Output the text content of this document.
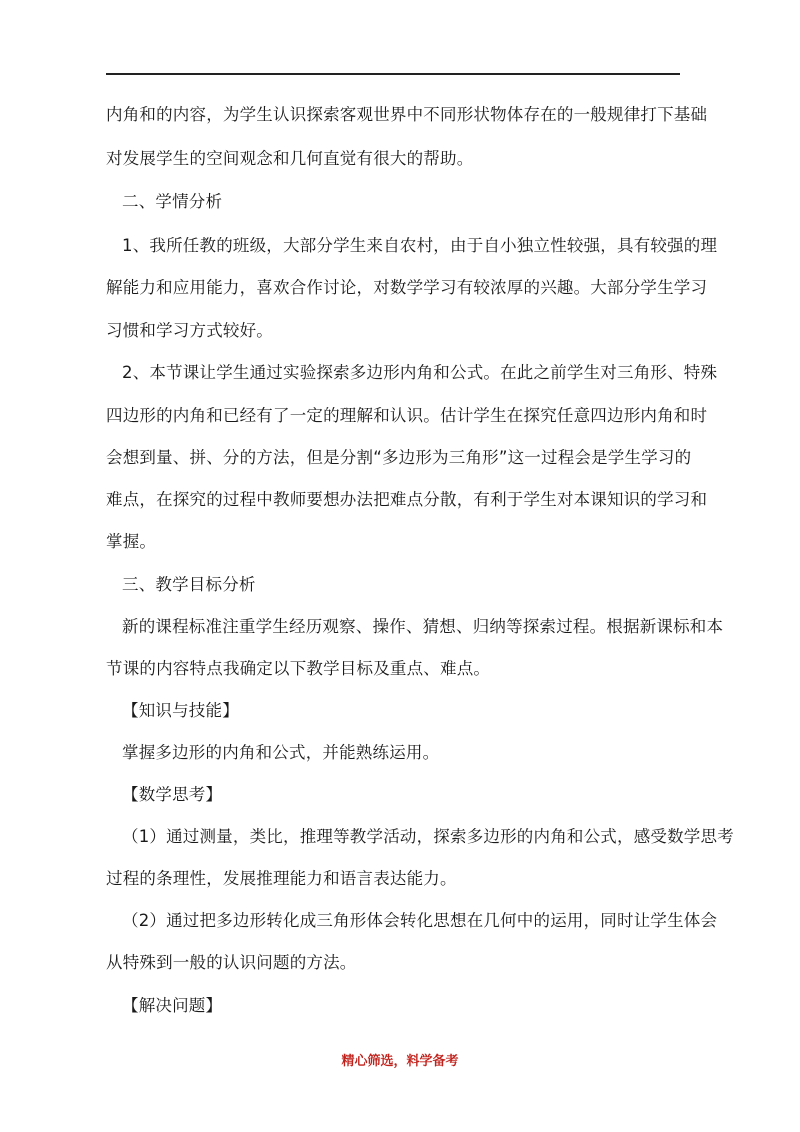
内角和的内容，为学生认识探索客观世界中不同形状物体存在的一般规律打下基础
对发展学生的空间观念和几何直觉有很大的帮助。
二、学情分析
1、我所任教的班级，大部分学生来自农村，由于自小独立性较强，具有较强的理
解能力和应用能力，喜欢合作讨论，对数学学习有较浓厚的兴趣。大部分学生学习
习惯和学习方式较好。
2、本节课让学生通过实验探索多边形内角和公式。在此之前学生对三角形、特殊
四边形的内角和已经有了一定的理解和认识。估计学生在探究任意四边形内角和时
会想到量、拼、分的方法，但是分割“多边形为三角形”这一过程会是学生学习的
难点，在探究的过程中教师要想办法把难点分散，有利于学生对本课知识的学习和
掌握。
三、教学目标分析
新的课程标准注重学生经历观察、操作、猜想、归纳等探索过程。根据新课标和本
节课的内容特点我确定以下教学目标及重点、难点。
【知识与技能】
掌握多边形的内角和公式，并能熟练运用。
【数学思考】
（1）通过测量，类比，推理等教学活动，探索多边形的内角和公式，感受数学思考
过程的条理性，发展推理能力和语言表达能力。
（2）通过把多边形转化成三角形体会转化思想在几何中的运用，同时让学生体会
从特殊到一般的认识问题的方法。
【解决问题】
精心筛选，料学备考
